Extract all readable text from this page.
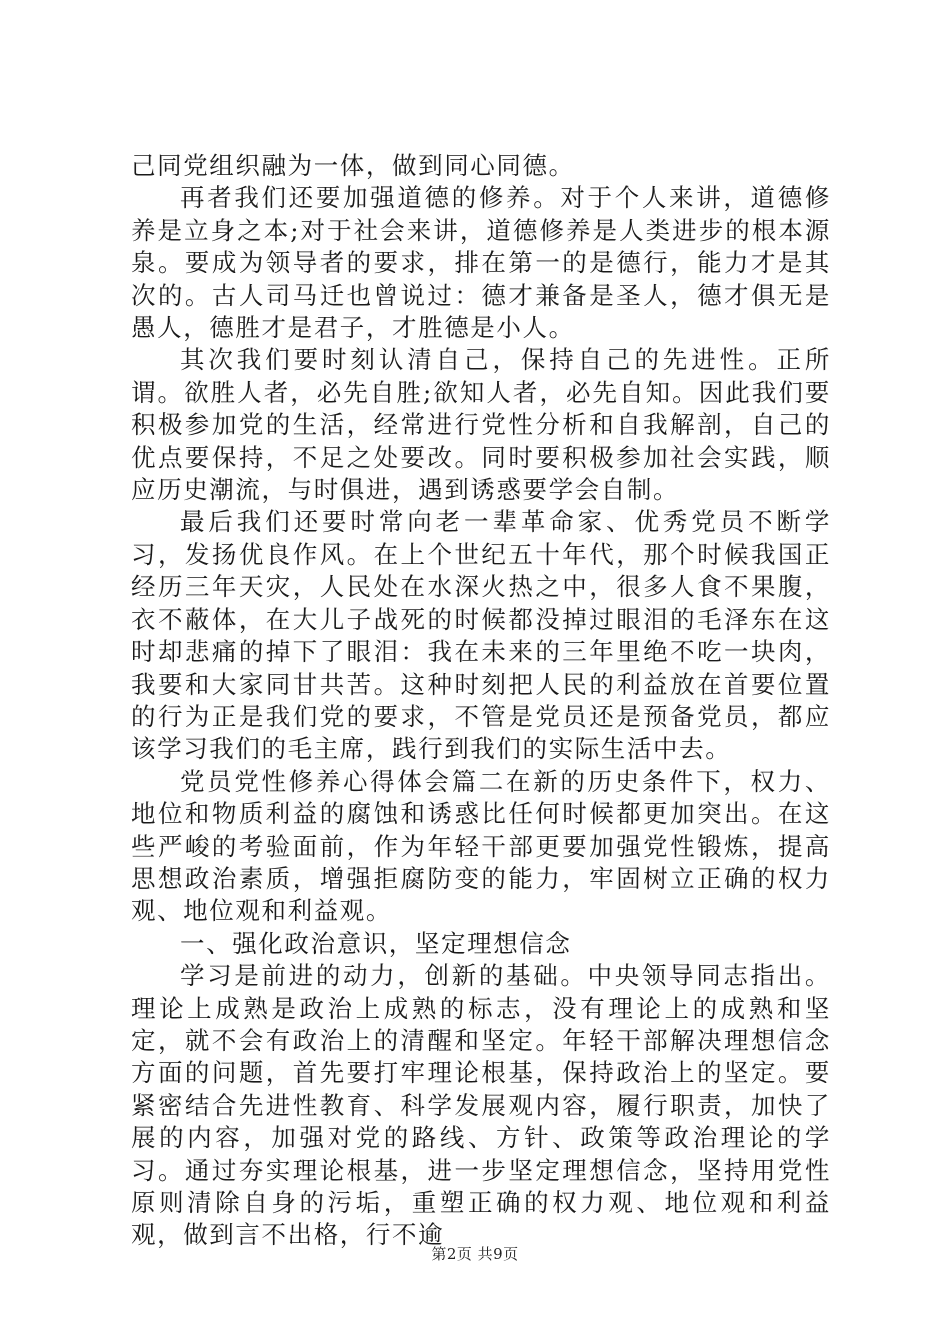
己同党组织融为一体，做到同心同德。

再者我们还要加强道德的修养。对于个人来讲，道德修养是立身之本;对于社会来讲，道德修养是人类进步的根本源泉。要成为领导者的要求，排在第一的是德行，能力才是其次的。古人司马迁也曾说过：德才兼备是圣人，德才俱无是愚人，德胜才是君子，才胜德是小人。

其次我们要时刻认清自己，保持自己的先进性。正所谓。欲胜人者，必先自胜;欲知人者，必先自知。因此我们要积极参加党的生活，经常进行党性分析和自我解剖，自己的优点要保持，不足之处要改。同时要积极参加社会实践，顺应历史潮流，与时俱进，遇到诱惑要学会自制。

最后我们还要时常向老一辈革命家、优秀党员不断学习，发扬优良作风。在上个世纪五十年代，那个时候我国正经历三年天灾，人民处在水深火热之中，很多人食不果腹，衣不蔽体，在大儿子战死的时候都没掉过眼泪的毛泽东在这时却悲痛的掉下了眼泪：我在未来的三年里绝不吃一块肉，我要和大家同甘共苦。这种时刻把人民的利益放在首要位置的行为正是我们党的要求，不管是党员还是预备党员，都应该学习我们的毛主席，践行到我们的实际生活中去。

党员党性修养心得体会篇二在新的历史条件下，权力、地位和物质利益的腐蚀和诱惑比任何时候都更加突出。在这些严峻的考验面前，作为年轻干部更要加强党性锻炼，提高思想政治素质，增强拒腐防变的能力，牢固树立正确的权力观、地位观和利益观。

一、强化政治意识，坚定理想信念

学习是前进的动力，创新的基础。中央领导同志指出。理论上成熟是政治上成熟的标志，没有理论上的成熟和坚定，就不会有政治上的清醒和坚定。年轻干部解决理想信念方面的问题，首先要打牢理论根基，保持政治上的坚定。要紧密结合先进性教育、科学发展观内容，履行职责，加快了展的内容，加强对党的路线、方针、政策等政治理论的学习。通过夯实理论根基，进一步坚定理想信念，坚持用党性原则清除自身的污垢，重塑正确的权力观、地位观和利益观，做到言不出格，行不逾

第2页 共9页
